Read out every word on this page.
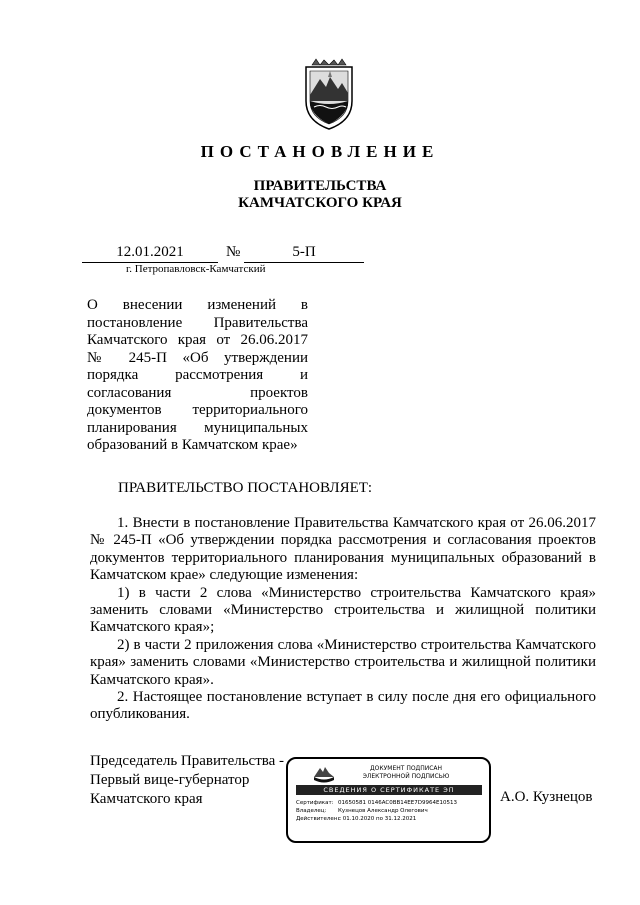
ПОСТАНОВЛЕНИЕ
ПРАВИТЕЛЬСТВА
КАМЧАТСКОГО КРАЯ
12.01.2021	№	5-П
г. Петропавловск-Камчатский
О внесении изменений в
постановление Правительства
Камчатского края от 26.06.2017
№ 245-П «Об утверждении
порядка рассмотрения и
согласования проектов
документов территориального
планирования муниципальных
образований в Камчатском крае»
ПРАВИТЕЛЬСТВО ПОСТАНОВЛЯЕТ:
1. Внести в постановление Правительства Камчатского края от 26.06.2017
№ 245-П «Об утверждении порядка рассмотрения и согласования проектов
документов территориального планирования муниципальных образований в
Камчатском крае» следующие изменения:
1) в части 2 слова «Министерство строительства Камчатского края»
заменить словами «Министерство строительства и жилищной политики
Камчатского края»;
2) в части 2 приложения слова «Министерство строительства Камчатского
края» заменить словами «Министерство строительства и жилищной политики
Камчатского края».
2. Настоящее постановление вступает в силу после дня его официального
опубликования.
Председатель Правительства -
Первый вице-губернатор
Камчатского края	А.О. Кузнецов
ДОКУМЕНТ ПОДПИСАН
ЭЛЕКТРОННОЙ ПОДПИСЬЮ
СВЕДЕНИЯ О СЕРТИФИКАТЕ ЭП
Сертификат: 01650581 0146AC0BB14EE7D9964E10513
Владелец: Кузнецов Александр Олегович
Действителен:с 01.10.2020 по 31.12.2021
